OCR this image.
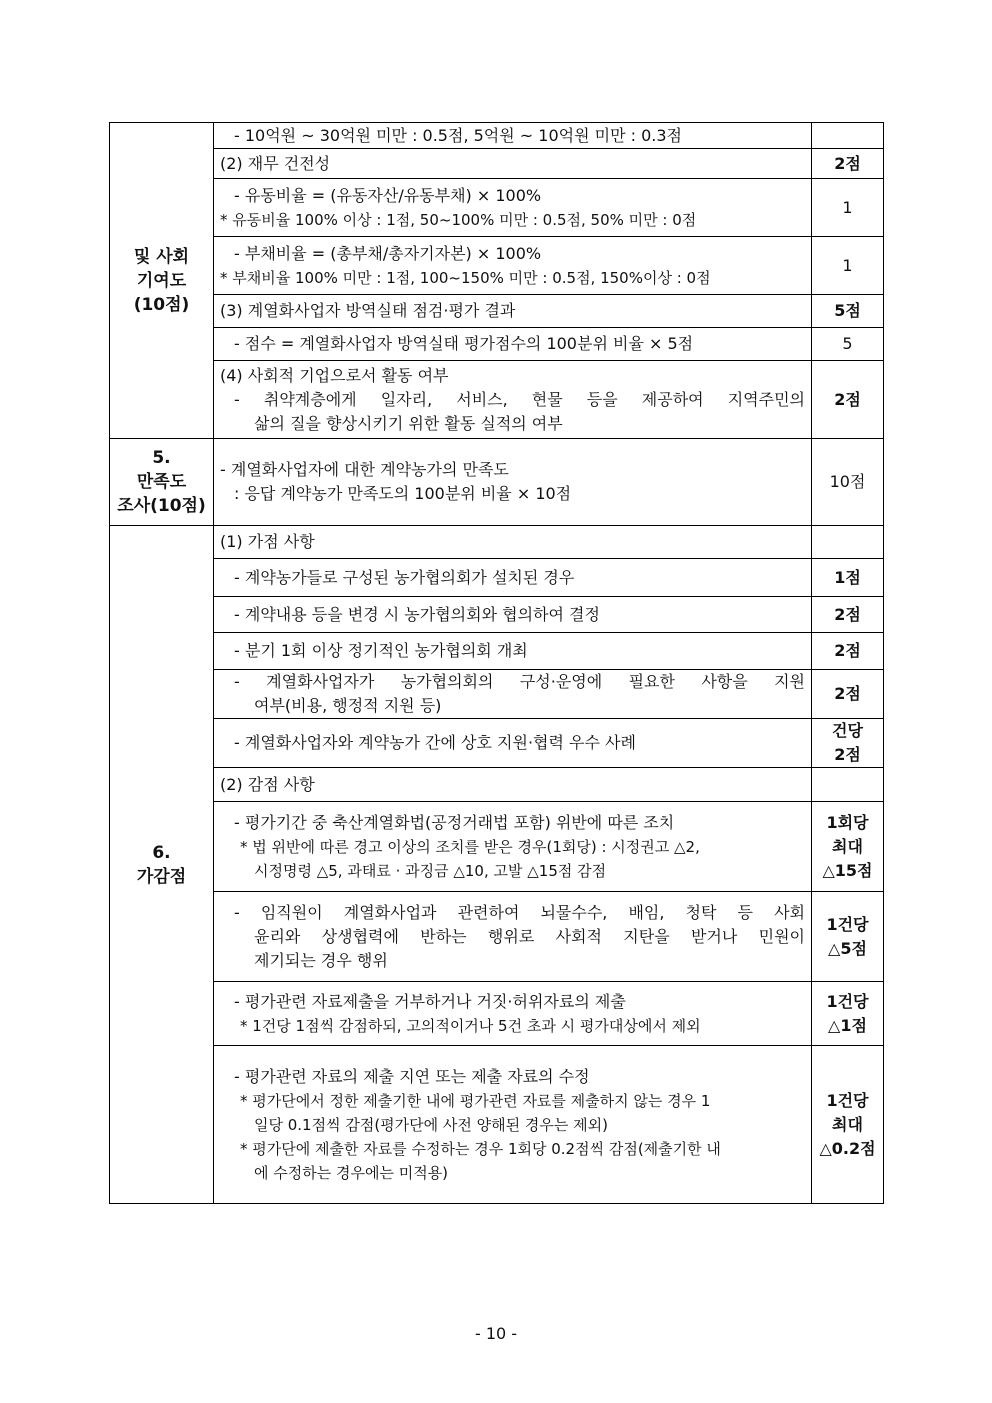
및 사회
기여도
(10점)	- 10억원 ~ 30억원 미만 : 0.5점, 5억원 ~ 10억원 미만 : 0.3점	

	(2) 재무 건전성	2점

	- 유동비율 = (유동자산/유동부채) × 100%
* 유동비율 100% 이상 : 1점, 50~100% 미만 : 0.5점, 50% 미만 : 0점	1

	- 부채비율 = (총부채/총자기자본) × 100%
* 부채비율 100% 미만 : 1점, 100~150% 미만 : 0.5점, 150%이상 : 0점	1

	(3) 계열화사업자 방역실태 점검·평가 결과	5점

	- 점수 = 계열화사업자 방역실태 평가점수의 100분위 비율 × 5점	5

	(4) 사회적 기업으로서 활동 여부
- 취약계층에게 일자리, 서비스, 현물 등을 제공하여 지역주민의
삶의 질을 향상시키기 위한 활동 실적의 여부	2점

5.
만족도
조사(10점)	- 계열화사업자에 대한 계약농가의 만족도
: 응답 계약농가 만족도의 100분위 비율 × 10점	10점

6.
가감점	(1) 가점 사항	

	- 계약농가들로 구성된 농가협의회가 설치된 경우	1점

	- 계약내용 등을 변경 시 농가협의회와 협의하여 결정	2점

	- 분기 1회 이상 정기적인 농가협의회 개최	2점

	- 계열화사업자가 농가협의회의 구성·운영에 필요한 사항을 지원
여부(비용, 행정적 지원 등)	2점

	- 계열화사업자와 계약농가 간에 상호 지원·협력 우수 사례	건당
2점

	(2) 감점 사항	

	- 평가기간 중 축산계열화법(공정거래법 포함) 위반에 따른 조치
* 법 위반에 따른 경고 이상의 조치를 받은 경우(1회당) : 시정권고 △2,
시정명령 △5, 과태료 · 과징금 △10, 고발 △15점 감점	1회당
최대
△15점

	- 임직원이 계열화사업과 관련하여 뇌물수수, 배임, 청탁 등 사회
윤리와 상생협력에 반하는 행위로 사회적 지탄을 받거나 민원이
제기되는 경우 행위	1건당
△5점

	- 평가관련 자료제출을 거부하거나 거짓·허위자료의 제출
* 1건당 1점씩 감점하되, 고의적이거나 5건 초과 시 평가대상에서 제외	1건당
△1점

	- 평가관련 자료의 제출 지연 또는 제출 자료의 수정
* 평가단에서 정한 제출기한 내에 평가관련 자료를 제출하지 않는 경우 1
일당 0.1점씩 감점(평가단에 사전 양해된 경우는 제외)
* 평가단에 제출한 자료를 수정하는 경우 1회당 0.2점씩 감점(제출기한 내
에 수정하는 경우에는 미적용)	1건당
최대
△0.2점
- 10 -
